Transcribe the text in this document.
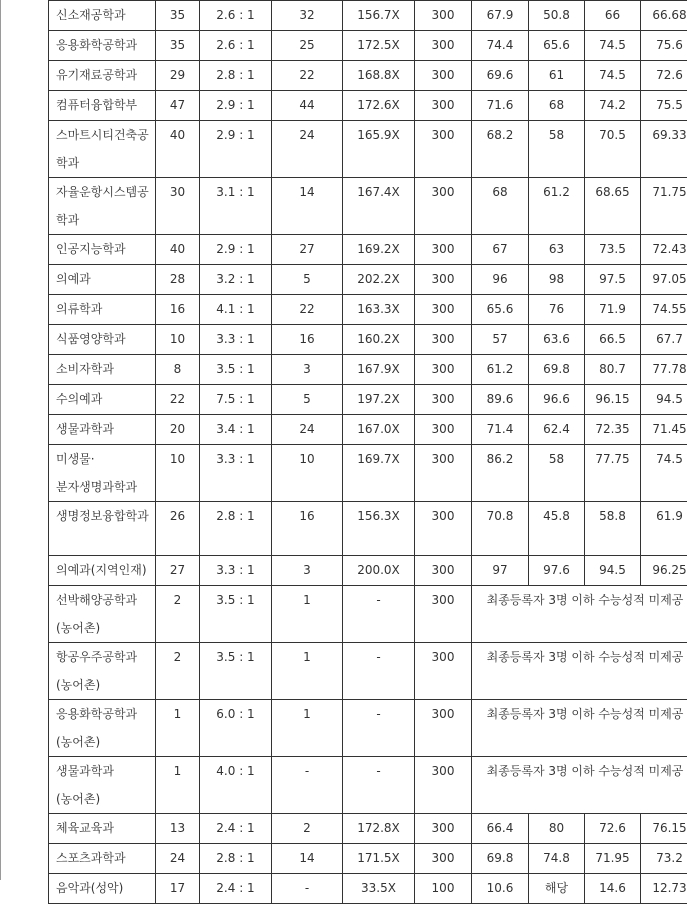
신소재공학과	35	2.6 : 1	32	156.7X	300	67.9	50.8	66	66.68
응용화학공학과	35	2.6 : 1	25	172.5X	300	74.4	65.6	74.5	75.6
유기재료공학과	29	2.8 : 1	22	168.8X	300	69.6	61	74.5	72.6
컴퓨터융합학부	47	2.9 : 1	44	172.6X	300	71.6	68	74.2	75.5
스마트시티건축공학과	40	2.9 : 1	24	165.9X	300	68.2	58	70.5	69.33
자율운항시스템공학과	30	3.1 : 1	14	167.4X	300	68	61.2	68.65	71.75
인공지능학과	40	2.9 : 1	27	169.2X	300	67	63	73.5	72.43
의예과	28	3.2 : 1	5	202.2X	300	96	98	97.5	97.05
의류학과	16	4.1 : 1	22	163.3X	300	65.6	76	71.9	74.55
식품영양학과	10	3.3 : 1	16	160.2X	300	57	63.6	66.5	67.7
소비자학과	8	3.5 : 1	3	167.9X	300	61.2	69.8	80.7	77.78
수의예과	22	7.5 : 1	5	197.2X	300	89.6	96.6	96.15	94.5
생물과학과	20	3.4 : 1	24	167.0X	300	71.4	62.4	72.35	71.45
미생물·분자생명과학과	10	3.3 : 1	10	169.7X	300	86.2	58	77.75	74.5
생명정보융합학과	26	2.8 : 1	16	156.3X	300	70.8	45.8	58.8	61.9
의예과(지역인재)	27	3.3 : 1	3	200.0X	300	97	97.6	94.5	96.25
선박해양공학과(농어촌)	2	3.5 : 1	1	-	300	최종등록자 3명 이하 수능성적 미제공			
항공우주공학과(농어촌)	2	3.5 : 1	1	-	300	최종등록자 3명 이하 수능성적 미제공			
응용화학공학과(농어촌)	1	6.0 : 1	1	-	300	최종등록자 3명 이하 수능성적 미제공			
생물과학과(농어촌)	1	4.0 : 1	-	-	300	최종등록자 3명 이하 수능성적 미제공			
체육교육과	13	2.4 : 1	2	172.8X	300	66.4	80	72.6	76.15
스포츠과학과	24	2.8 : 1	14	171.5X	300	69.8	74.8	71.95	73.2
음악과(성악)	17	2.4 : 1	-	33.5X	100	10.6	해당	14.6	12.73
